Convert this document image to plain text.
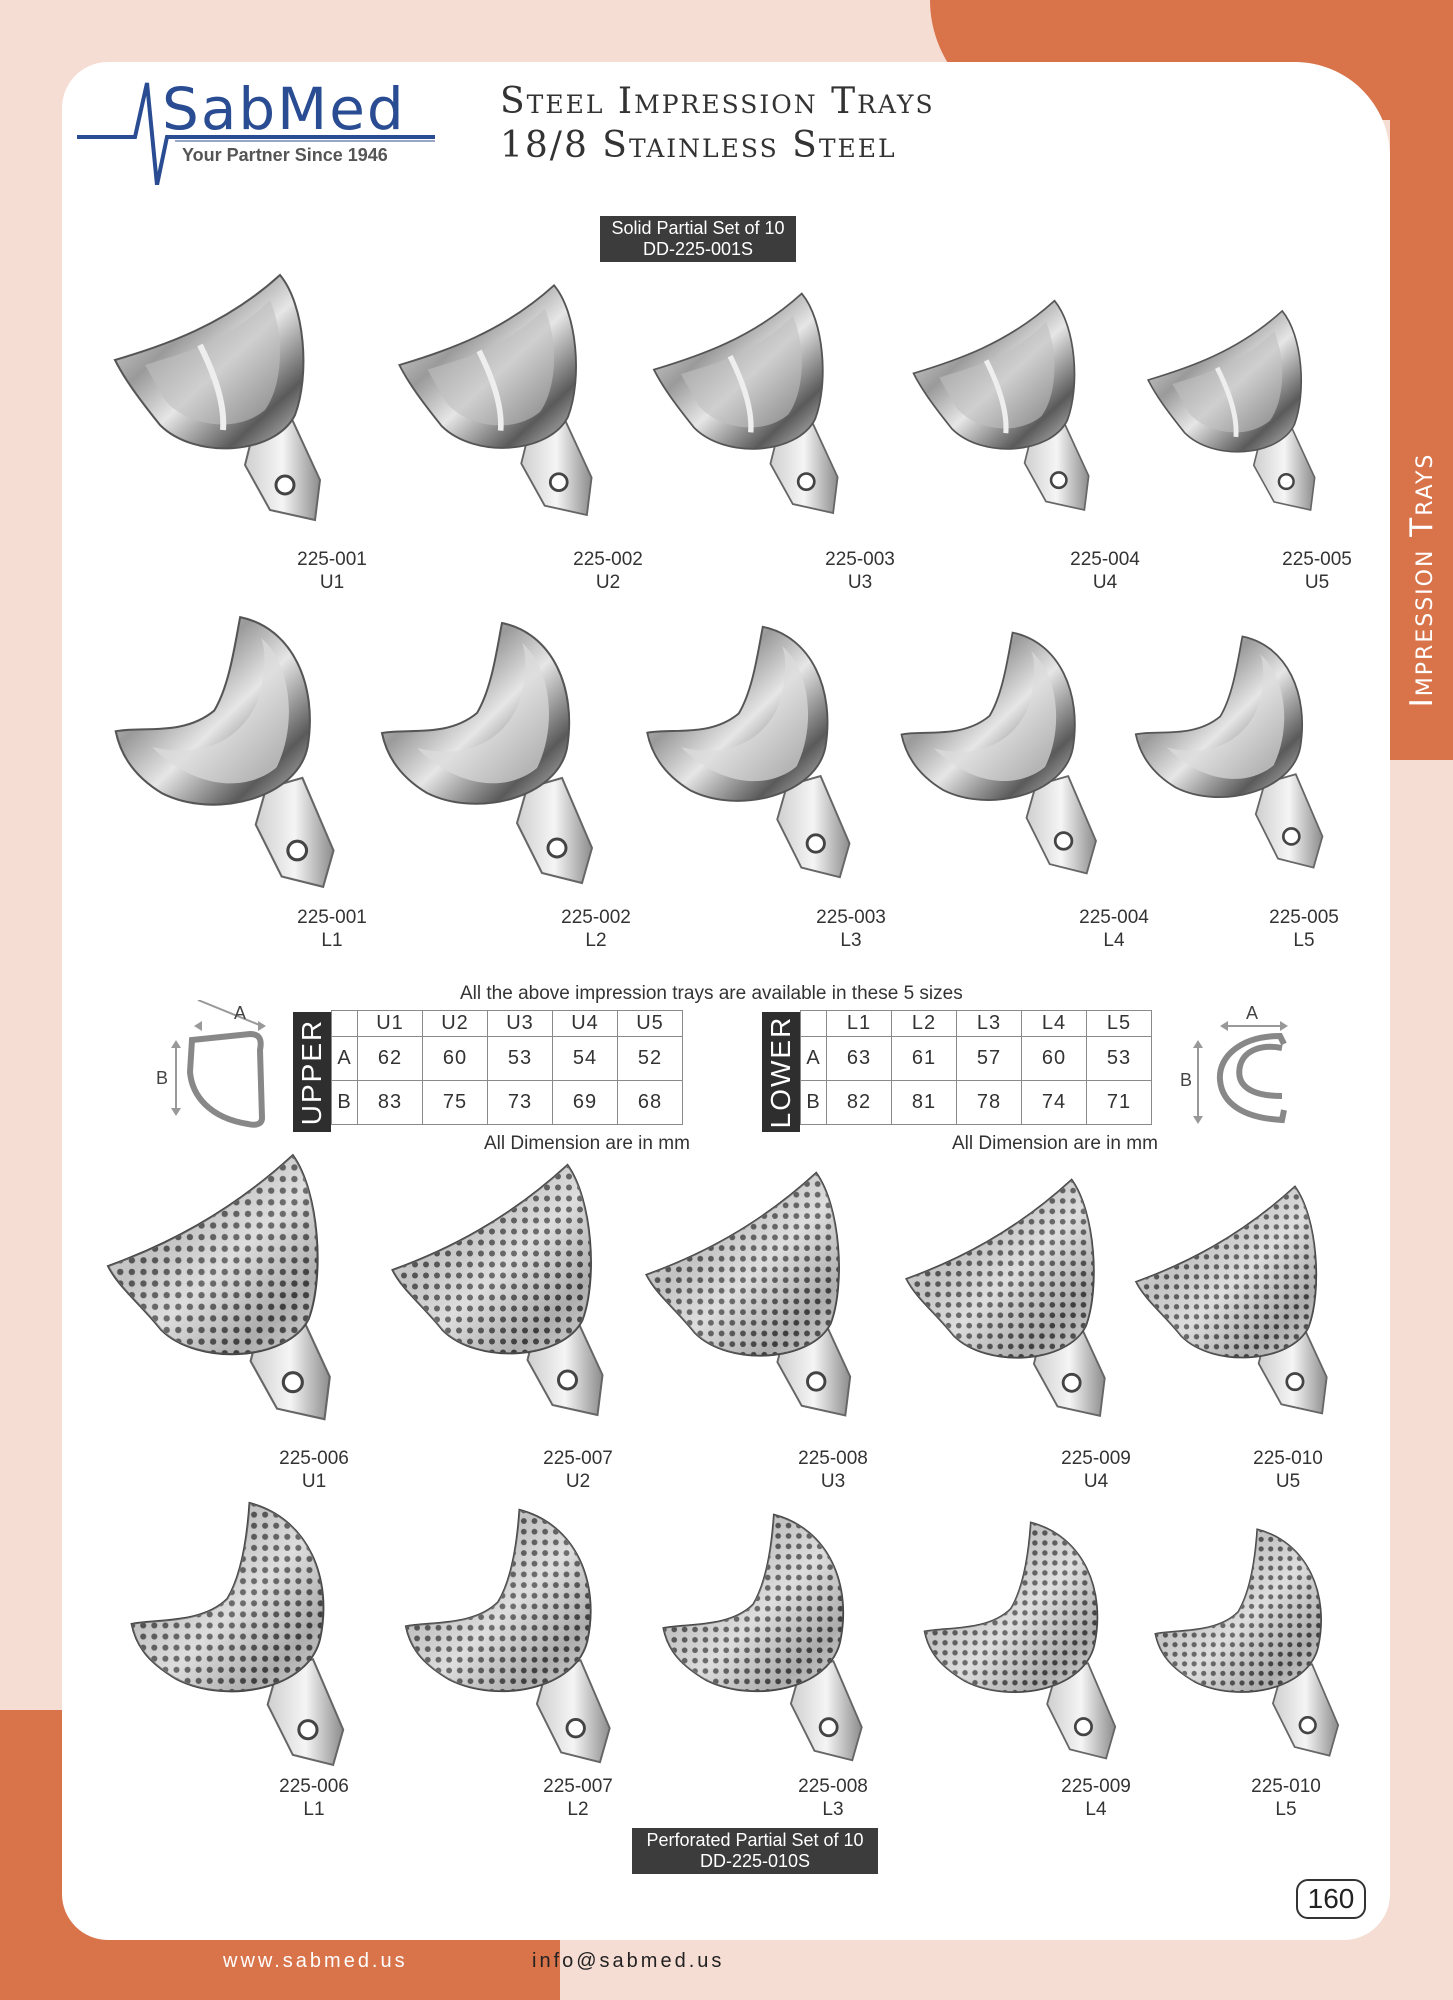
Impression Trays
SabMed
Your Partner Since 1946
Steel Impression Trays
18/8 Stainless Steel
Solid Partial Set of 10
DD-225-001S
225-001
U1
225-002
U2
225-003
U3
225-004
U4
225-005
U5
225-001
L1
225-002
L2
225-003
L3
225-004
L4
225-005
L5
All the above impression trays are available in these 5 sizes
A
B	UPPER
	U1	U2	U3	U4	U5
A	62	60	53	54	52
B	83	75	73	69	68
All Dimension are in mm
LOWER
		L1	L2	L3	L4	L5
A	63	61	57	60	53
B	82	81	78	74	71
All Dimension are in mm
A
B
225-006
U1
225-007
U2
225-008
U3
225-009
U4
225-010
U5
225-006
L1
225-007
L2
225-008
L3
225-009
L4
225-010
L5
Perforated Partial Set of 10
DD-225-010S
160
www.sabmed.us	info@sabmed.us
